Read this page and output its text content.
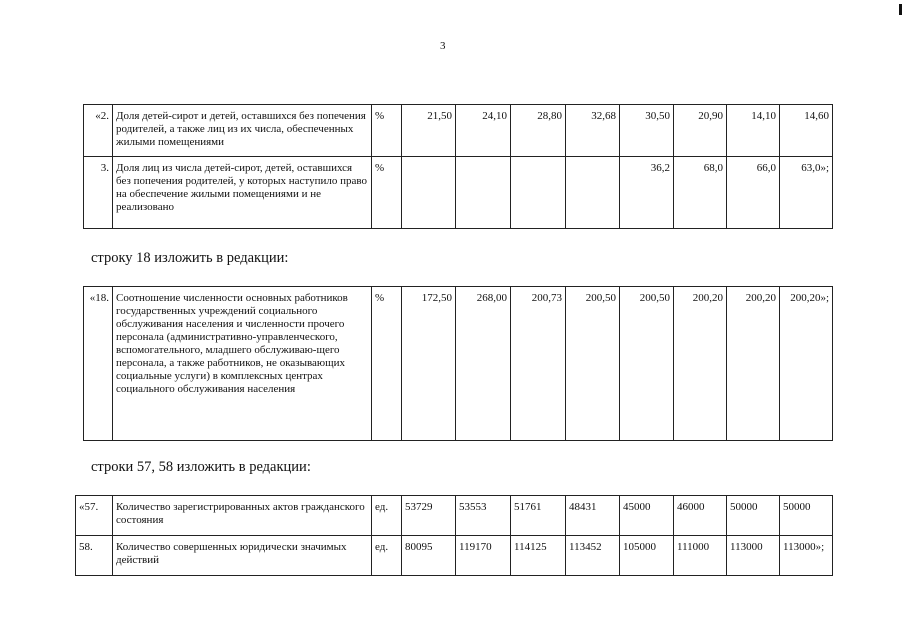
3
«2.	Доля детей-сирот и детей, оставшихся без попечения родителей, а также лиц из их числа, обеспеченных жилыми помещениями	%	21,50	24,10	28,80	32,68	30,50	20,90	14,10	14,60
3.	Доля лиц из числа детей-сирот, детей, оставшихся без попечения родителей, у которых наступило право на обеспечение жилыми помещениями и не реализовано	%					36,2	68,0	66,0	63,0»;
строку 18 изложить в редакции:
«18.	Соотношение численности основных работников государственных учреждений социального обслуживания населения и численности прочего персонала (административно-управленческого, вспомогательного, младшего обслуживаю-щего персонала, а также работников, не оказывающих социальные услуги) в комплексных центрах социального обслуживания населения	%	172,50	268,00	200,73	200,50	200,50	200,20	200,20	200,20»;
строки 57, 58 изложить в редакции:
«57.	Количество зарегистрированных актов гражданского состояния	ед.	53729	53553	51761	48431	45000	46000	50000	50000
58.	Количество совершенных юридически значимых действий	ед.	80095	119170	114125	113452	105000	111000	113000	113000»;
